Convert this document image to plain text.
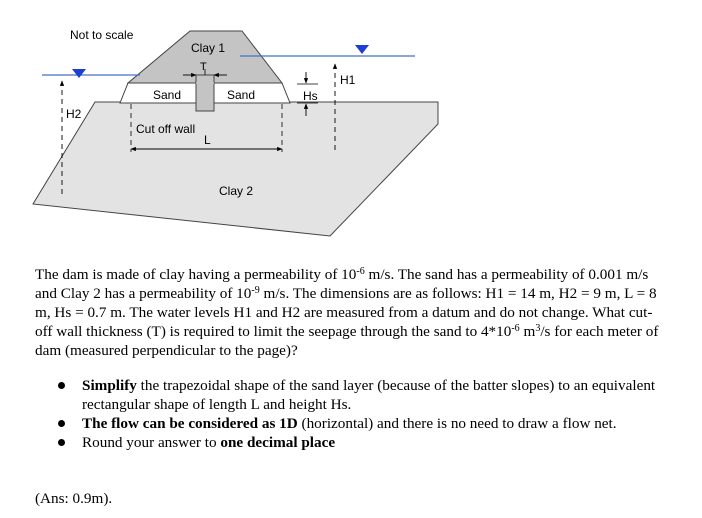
Not to scale
Clay 1
T
Sand	Sand	Hs
H1
H2
Cut off wall
L
Clay 2
The dam is made of clay having a permeability of $10^{-6}$ m/s. The sand has a permeability of 0.001 m/s and Clay 2 has a permeability of $10^{-9}$ m/s. The dimensions are as follows: H1 = 14 m, H2 = 9 m, L = 8 m, Hs = 0.7 m. The water levels H1 and H2 are measured from a datum and do not change. What cut-off wall thickness (T) is required to limit the seepage through the sand to $4*10^{-6}$ $m^3/s$ for each meter of dam (measured perpendicular to the page)?
Simplify the trapezoidal shape of the sand layer (because of the batter slopes) to an equivalent rectangular shape of length L and height Hs.
The flow can be considered as 1D (horizontal) and there is no need to draw a flow net.
Round your answer to one decimal place
(Ans: 0.9m).
